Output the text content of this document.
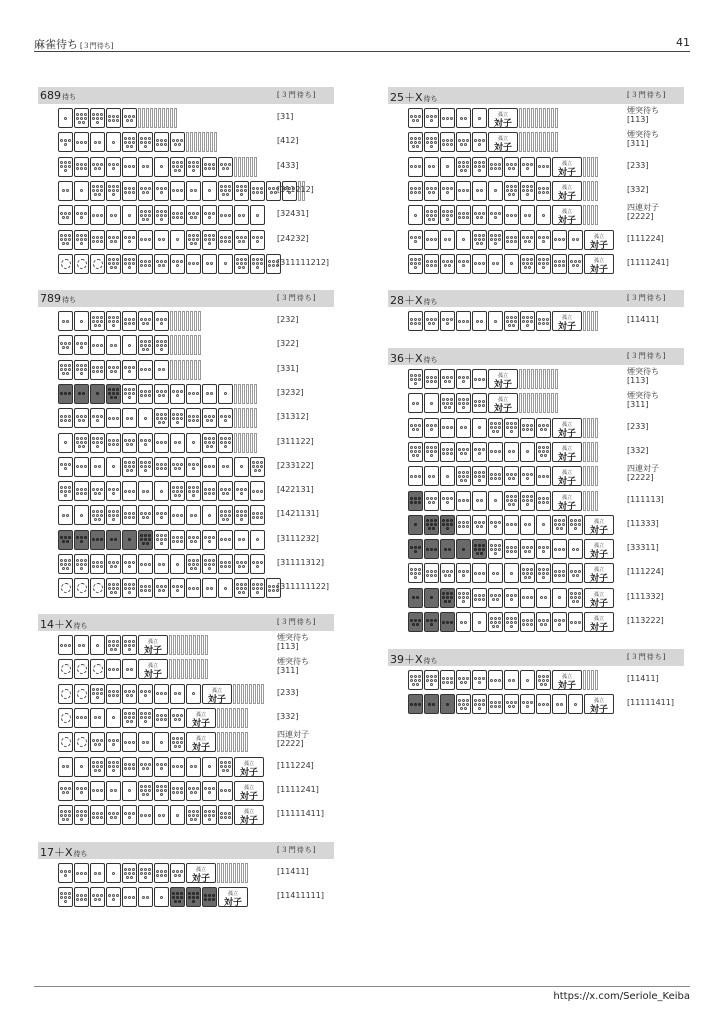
麻雀待ち [３門待ち]	41
689待ち	[３門待ち]
[31]
[412]
[433]
[311212]
[32431]
[24232]
[311111212]
789待ち	[３門待ち]
[232]
[322]
[331]
[3232]
[31312]
[311122]
[233122]
[422131]
[1421131]
[3111232]
[31111312]
[311111122]
14＋X待ち	[３門待ち]
孤立
対子
煙突待ち
[113]
孤立
対子
煙突待ち
[311]
孤立
対子
[233]
孤立
対子
[332]
孤立
対子
四連対子
[2222]
孤立
対子
[111224]
孤立
対子
[1111241]
孤立
対子
[11111411]
17＋X待ち	[３門待ち]
孤立
対子
[11411]
孤立
対子
[11411111]
25＋X待ち	[３門待ち]
孤立
対子
煙突待ち
[113]
孤立
対子
煙突待ち
[311]
孤立
対子
[233]
孤立
対子
[332]
孤立
対子
四連対子
[2222]
孤立
対子
[111224]
孤立
対子
[1111241]
28＋X待ち	[３門待ち]
孤立
対子
[11411]
36＋X待ち	[３門待ち]
孤立
対子
煙突待ち
[113]
孤立
対子
煙突待ち
[311]
孤立
対子
[233]
孤立
対子
[332]
孤立
対子
四連対子
[2222]
孤立
対子
[111113]
孤立
対子
[11333]
孤立
対子
[33311]
孤立
対子
[111224]
孤立
対子
[111332]
孤立
対子
[113222]
39＋X待ち	[３門待ち]
孤立
対子
[11411]
孤立
対子
[11111411]
https://x.com/Seriole_Keiba
